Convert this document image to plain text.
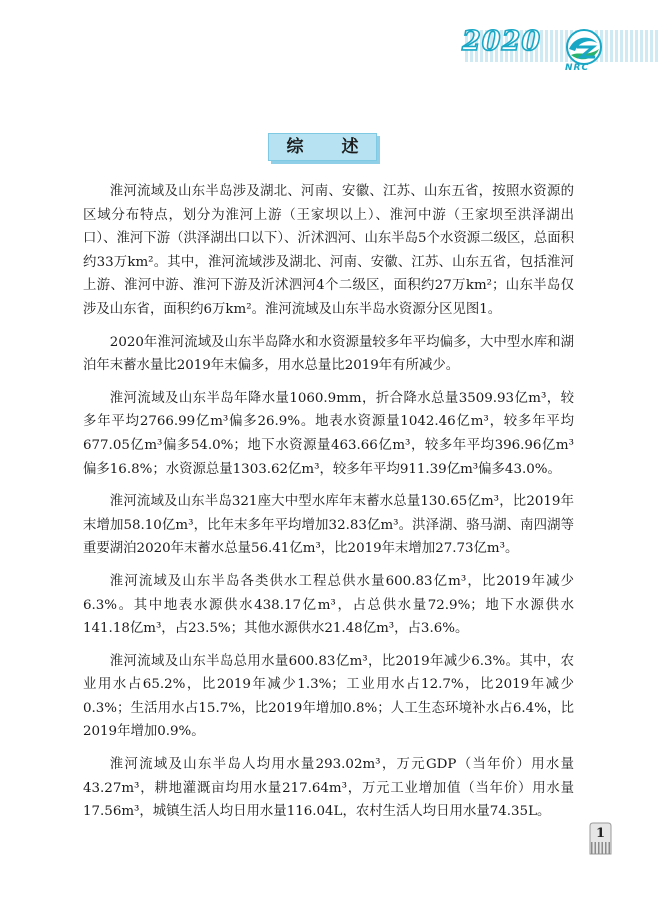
2020
NRC
综 述

淮河流域及山东半岛涉及湖北、河南、安徽、江苏、山东五省，按照水资源的区域分布特点，划分为淮河上游（王家坝以上）、淮河中游（王家坝至洪泽湖出口）、淮河下游（洪泽湖出口以下）、沂沭泗河、山东半岛5个水资源二级区，总面积约33万km²。其中，淮河流域涉及湖北、河南、安徽、江苏、山东五省，包括淮河上游、淮河中游、淮河下游及沂沭泗河4个二级区，面积约27万km²；山东半岛仅涉及山东省，面积约6万km²。淮河流域及山东半岛水资源分区见图1。

2020年淮河流域及山东半岛降水和水资源量较多年平均偏多，大中型水库和湖泊年末蓄水量比2019年末偏多，用水总量比2019年有所减少。

淮河流域及山东半岛年降水量1060.9mm，折合降水总量3509.93亿m³，较多年平均2766.99亿m³偏多26.9%。地表水资源量1042.46亿m³，较多年平均677.05亿m³偏多54.0%；地下水资源量463.66亿m³，较多年平均396.96亿m³偏多16.8%；水资源总量1303.62亿m³，较多年平均911.39亿m³偏多43.0%。

淮河流域及山东半岛321座大中型水库年末蓄水总量130.65亿m³，比2019年末增加58.10亿m³，比年末多年平均增加32.83亿m³。洪泽湖、骆马湖、南四湖等重要湖泊2020年末蓄水总量56.41亿m³，比2019年末增加27.73亿m³。

淮河流域及山东半岛各类供水工程总供水量600.83亿m³，比2019年减少6.3%。其中地表水源供水438.17亿m³，占总供水量72.9%；地下水源供水141.18亿m³，占23.5%；其他水源供水21.48亿m³，占3.6%。

淮河流域及山东半岛总用水量600.83亿m³，比2019年减少6.3%。其中，农业用水占65.2%，比2019年减少1.3%；工业用水占12.7%，比2019年减少0.3%；生活用水占15.7%，比2019年增加0.8%；人工生态环境补水占6.4%，比2019年增加0.9%。

淮河流域及山东半岛人均用水量293.02m³，万元GDP（当年价）用水量43.27m³，耕地灌溉亩均用水量217.64m³，万元工业增加值（当年价）用水量17.56m³，城镇生活人均日用水量116.04L，农村生活人均日用水量74.35L。

1
